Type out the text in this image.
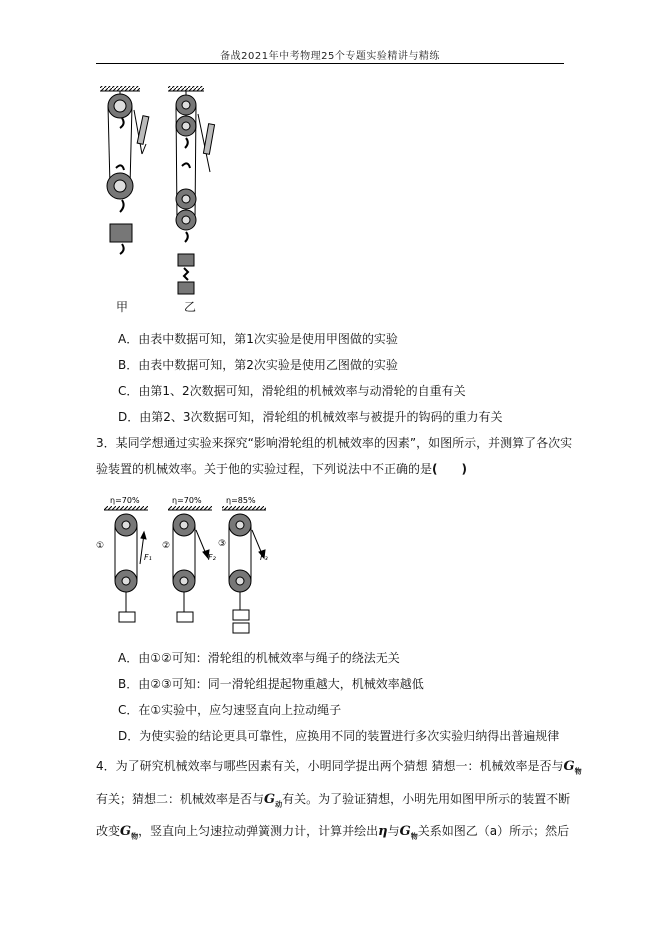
备战2021年中考物理25个专题实验精讲与精练
甲	乙
A．由表中数据可知，第1次实验是使用甲图做的实验
B．由表中数据可知，第2次实验是使用乙图做的实验
C．由第1、2次数据可知，滑轮组的机械效率与动滑轮的自重有关
D．由第2、3次数据可知，滑轮组的机械效率与被提升的钩码的重力有关
3．某同学想通过实验来探究“影响滑轮组的机械效率的因素”，如图所示，并测算了各次实
验装置的机械效率。关于他的实验过程，下列说法中不正确的是(　　)
η=70%
①
F₁
η=70%
②
F₂
η=85%
③
F₃
A．由①②可知：滑轮组的机械效率与绳子的绕法无关
B．由②③可知：同一滑轮组提起物重越大，机械效率越低
C．在①实验中，应匀速竖直向上拉动绳子
D．为使实验的结论更具可靠性，应换用不同的装置进行多次实验归纳得出普遍规律
4．为了研究机械效率与哪些因素有关，小明同学提出两个猜想 猜想一：机械效率是否与$G_物$
有关；猜想二：机械效率是否与$G_动$有关。为了验证猜想，小明先用如图甲所示的装置不断
改变$G_物$，竖直向上匀速拉动弹簧测力计，计算并绘出η与$G_物$关系如图乙（a）所示；然后
